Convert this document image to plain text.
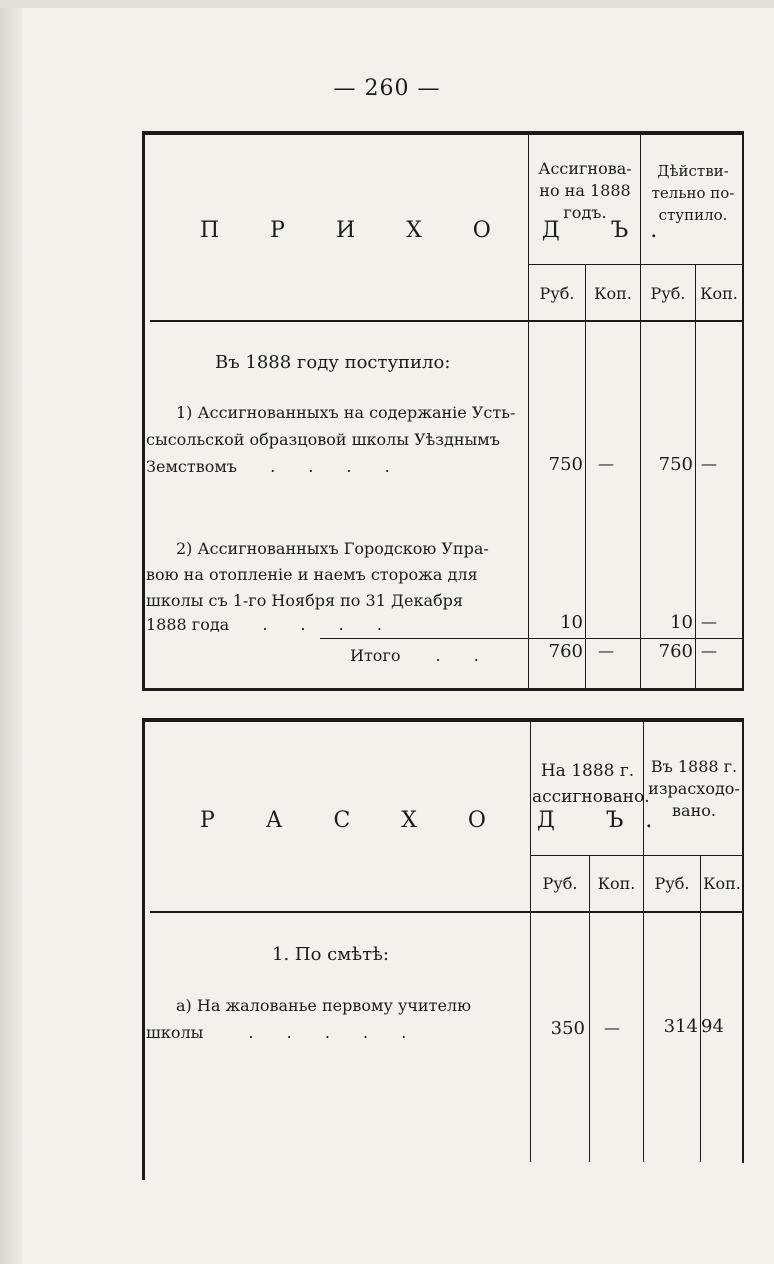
— 260 —
П Р И Х О Д Ъ.
Ассигнова-но на 1888 годъ.
Дѣйстви-тельно по-ступило.
Руб.	Коп.	Руб. Коп.
Въ 1888 году поступило:
1) Ассигнованныхъ на содержаніе Усть-
сысольской образцовой школы Уѣзднымъ
Земствомъ . . . .	750 —	750 —
2) Ассигнованныхъ Городскою Упра-
вою на отопленіе и наемъ сторожа для
школы съ 1-го Ноября по 31 Декабря
1888 года . . . .	10	10 —
Итого . .	760 —	760 —
Р А С Х О Д Ъ.
На 1888 г. ассигновано.
Въ 1888 г. израсходо-вано.
Руб.	Коп.	Руб. Коп.
1. По смѣтѣ:
а) На жалованье первому учителю
школы	. . . . .	350	—	314 94
